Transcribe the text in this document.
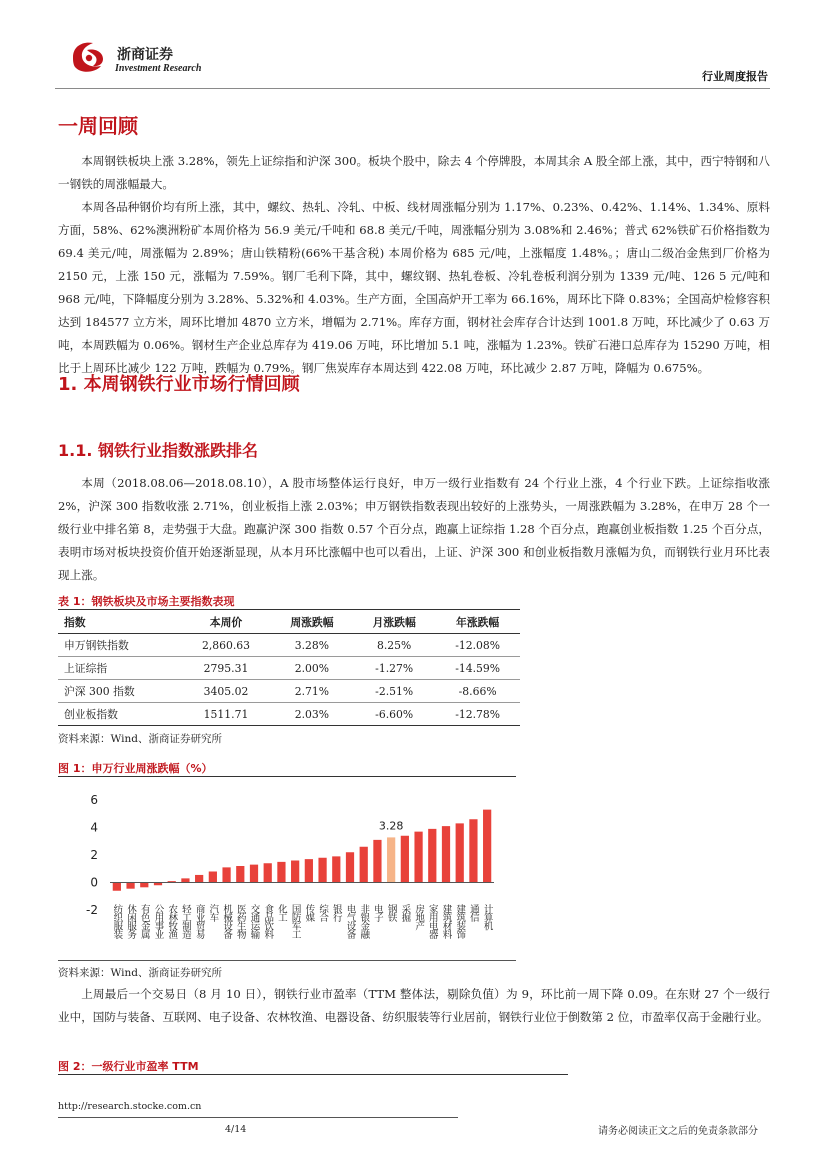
浙商证券
Investment Research
行业周度报告
一周回顾

本周钢铁板块上涨 3.28%，领先上证综指和沪深 300。板块个股中，除去 4 个停牌股，本周其余 A 股全部上涨，其中，西宁特钢和八一钢铁的周涨幅最大。

本周各品种钢价均有所上涨，其中，螺纹、热轧、冷轧、中板、线材周涨幅分别为 1.17%、0.23%、0.42%、1.14%、1.34%、原料方面，58%、62%澳洲粉矿本周价格为 56.9 美元/千吨和 68.8 美元/千吨，周涨幅分别为 3.08%和 2.46%；普式 62%铁矿石价格指数为 69.4 美元/吨，周涨幅为 2.89%；唐山铁精粉(66%干基含税) 本周价格为 685 元/吨，上涨幅度 1.48%。；唐山二级冶金焦到厂价格为 2150 元，上涨 150 元，涨幅为 7.59%。钢厂毛利下降，其中，螺纹钢、热轧卷板、冷轧卷板利润分别为 1339 元/吨、126 5 元/吨和 968 元/吨，下降幅度分别为 3.28%、5.32%和 4.03%。生产方面，全国高炉开工率为 66.16%，周环比下降 0.83%；全国高炉检修容积达到 184577 立方米，周环比增加 4870 立方米，增幅为 2.71%。库存方面，钢材社会库存合计达到 1001.8 万吨，环比减少了 0.63 万吨，本周跌幅为 0.06%。钢材生产企业总库存为 419.06 万吨，环比增加 5.1 吨，涨幅为 1.23%。铁矿石港口总库存为 15290 万吨，相比于上周环比减少 122 万吨，跌幅为 0.79%。钢厂焦炭库存本周达到 422.08 万吨，环比减少 2.87 万吨，降幅为 0.675%。

1. 本周钢铁行业市场行情回顾
1.1. 钢铁行业指数涨跌排名

本周（2018.08.06—2018.08.10），A 股市场整体运行良好，申万一级行业指数有 24 个行业上涨，4 个行业下跌。上证综指收涨 2%，沪深 300 指数收涨 2.71%，创业板指上涨 2.03%；申万钢铁指数表现出较好的上涨势头，一周涨跌幅为 3.28%，在申万 28 个一级行业中排名第 8，走势强于大盘。跑赢沪深 300 指数 0.57 个百分点，跑赢上证综指 1.28 个百分点，跑赢创业板指数 1.25 个百分点，表明市场对板块投资价值开始逐渐显现，从本月环比涨幅中也可以看出，上证、沪深 300 和创业板指数月涨幅为负，而钢铁行业月环比表现上涨。

表 1：钢铁板块及市场主要指数表现
指数	本周价	周涨跌幅	月涨跌幅	年涨跌幅
申万钢铁指数	2,860.63	3.28%	8.25%	-12.08%
上证综指	2795.31	2.00%	-1.27%	-14.59%
沪深 300 指数	3405.02	2.71%	-2.51%	-8.66%
创业板指数	1511.71	2.03%	-6.60%	-12.78%
资料来源：Wind、浙商证券研究所
图 1：申万行业周涨跌幅（%）
6
4
2
0
-2
3.28
纺织服装 休闲服务 有色金属 公用事业 农林牧渔 轻工制造 商业贸易 汽车 机械设备 医药生物 交通运输 食品饮料 化工 国防军工 传媒 综合 银行 电气设备 非银金融 电子 钢铁 采掘 房地产 家用电器 建筑材料 建筑装饰 通信 计算机
资料来源：Wind、浙商证券研究所

上周最后一个交易日（8 月 10 日），钢铁行业市盈率（TTM 整体法，剔除负值）为 9，环比前一周下降 0.09。在东财 27 个一级行业中，国防与装备、互联网、电子设备、农林牧渔、电器设备、纺织服装等行业居前，钢铁行业位于倒数第 2 位，市盈率仅高于金融行业。

图 2：一级行业市盈率 TTM
http://research.stocke.com.cn
4/14	请务必阅读正文之后的免责条款部分
